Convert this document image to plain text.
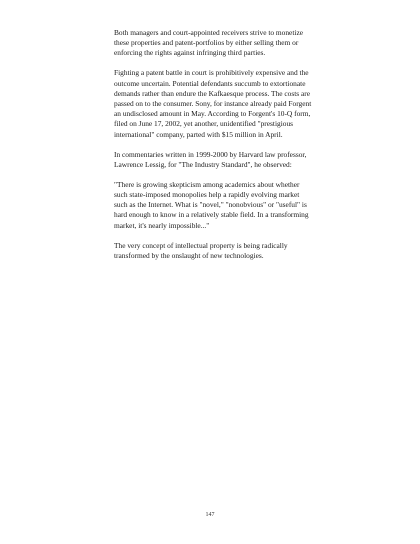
Both managers and court-appointed receivers strive to monetize these properties and patent-portfolios by either selling them or enforcing the rights against infringing third parties.

Fighting a patent battle in court is prohibitively expensive and the outcome uncertain. Potential defendants succumb to extortionate demands rather than endure the Kafkaesque process. The costs are passed on to the consumer. Sony, for instance already paid Forgent an undisclosed amount in May. According to Forgent's 10-Q form, filed on June 17, 2002, yet another, unidentified "prestigious international" company, parted with $15 million in April.

In commentaries written in 1999-2000 by Harvard law professor, Lawrence Lessig, for "The Industry Standard", he observed:

"There is growing skepticism among academics about whether such state-imposed monopolies help a rapidly evolving market such as the Internet. What is "novel," "nonobvious" or "useful" is hard enough to know in a relatively stable field. In a transforming market, it's nearly impossible..."

The very concept of intellectual property is being radically transformed by the onslaught of new technologies.

147
